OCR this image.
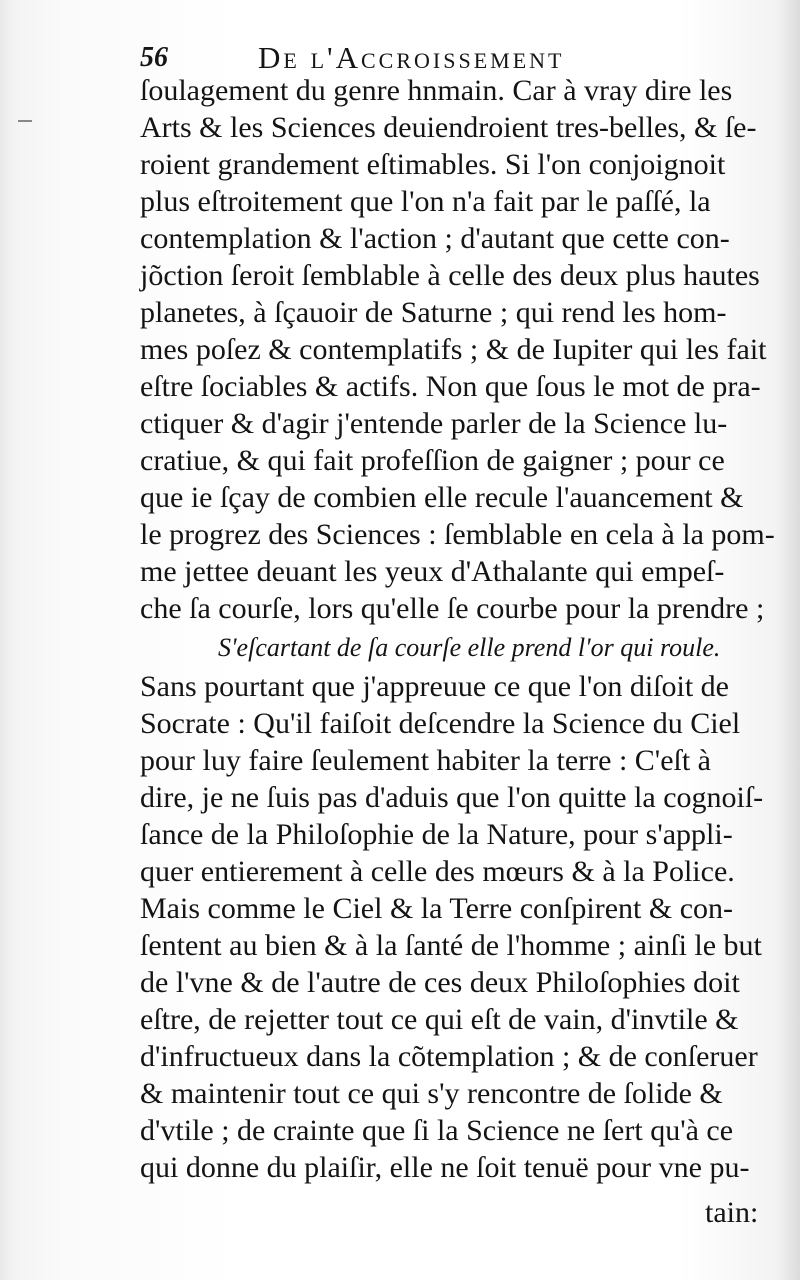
56	De l'Accroissement
ſoulagement du genre hnmain. Car à vray dire les
Arts & les Sciences deuiendroient tres-belles, & ſe-
roient grandement eſtimables. Si l'on conjoignoit
plus eſtroitement que l'on n'a fait par le paſſé, la
contemplation & l'action ; d'autant que cette con-
jõction ſeroit ſemblable à celle des deux plus hautes
planetes, à ſçauoir de Saturne ; qui rend les hom-
mes poſez & contemplatifs ; & de Iupiter qui les fait
eſtre ſociables & actifs. Non que ſous le mot de pra-
ctiquer & d'agir j'entende parler de la Science lu-
cratiue, & qui fait profeſſion de gaigner ; pour ce
que ie ſçay de combien elle recule l'auancement &
le progrez des Sciences : ſemblable en cela à la pom-
me jettee deuant les yeux d'Athalante qui empeſ-
che ſa courſe, lors qu'elle ſe courbe pour la prendre ;
S'eſcartant de ſa courſe elle prend l'or qui roule.
Sans pourtant que j'appreuue ce que l'on diſoit de
Socrate : Qu'il faiſoit deſcendre la Science du Ciel
pour luy faire ſeulement habiter la terre : C'eſt à
dire, je ne ſuis pas d'aduis que l'on quitte la cognoiſ-
ſance de la Philoſophie de la Nature, pour s'appli-
quer entierement à celle des mœurs & à la Police.
Mais comme le Ciel & la Terre conſpirent & con-
ſentent au bien & à la ſanté de l'homme ; ainſi le but
de l'vne & de l'autre de ces deux Philoſophies doit
eſtre, de rejetter tout ce qui eſt de vain, d'invtile &
d'infructueux dans la cõtemplation ; & de conſeruer
& maintenir tout ce qui s'y rencontre de ſolide &
d'vtile ; de crainte que ſi la Science ne ſert qu'à ce
qui donne du plaiſir, elle ne ſoit tenuë pour vne pu-
tain:
